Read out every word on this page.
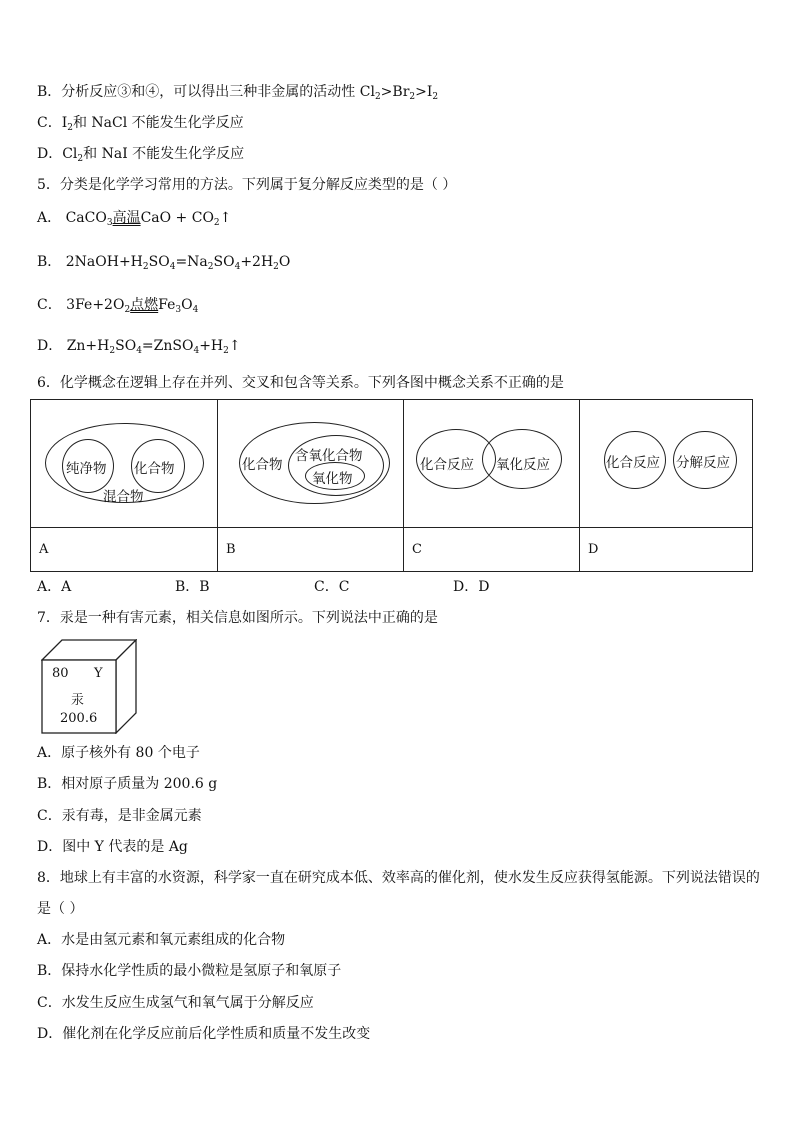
B．分析反应③和④，可以得出三种非金属的活动性 $Cl_2>Br_2>I_2$
C．$I_2$和 NaCl 不能发生化学反应
D．$Cl_2$和 NaI 不能发生化学反应
5．分类是化学学习常用的方法。下列属于复分解反应类型的是（ ）
A． CaCO$_3$高温CaO + $CO_2↑$
B． $2NaOH+H_2SO_4=Na_2SO_4+2H_2O$
C． $3Fe+2O_2$点燃$Fe_3O_4$
D． $Zn+H_2SO_4=ZnSO_4+H_2↑$
6．化学概念在逻辑上存在并列、交叉和包含等关系。下列各图中概念关系不正确的是
纯净物 化合物
混合物	化合物
含氧化合物
氧化物	化合反应 氧化反应	化合反应 分解反应

A	B	C	D
A．A	B．B	C．C	D．D
7．汞是一种有害元素，相关信息如图所示。下列说法中正确的是
80 Y
汞
200.6
A．原子核外有 80 个电子
B．相对原子质量为 200.6 g
C．汞有毒，是非金属元素
D．图中 Y 代表的是 Ag
8．地球上有丰富的水资源，科学家一直在研究成本低、效率高的催化剂，使水发生反应获得氢能源。下列说法错误的
是（ ）
A．水是由氢元素和氧元素组成的化合物
B．保持水化学性质的最小微粒是氢原子和氧原子
C．水发生反应生成氢气和氧气属于分解反应
D．催化剂在化学反应前后化学性质和质量不发生改变
